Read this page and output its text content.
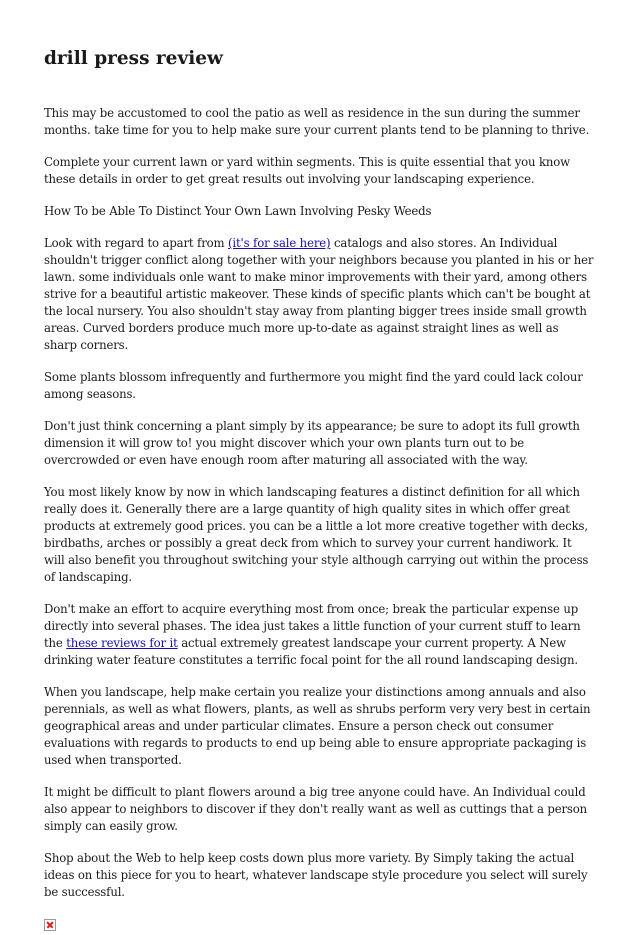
drill press review

This may be accustomed to cool the patio as well as residence in the sun during the summer months. take time for you to help make sure your current plants tend to be planning to thrive.

Complete your current lawn or yard within segments. This is quite essential that you know these details in order to get great results out involving your landscaping experience.

How To be Able To Distinct Your Own Lawn Involving Pesky Weeds

Look with regard to apart from (it's for sale here) catalogs and also stores. An Individual shouldn't trigger conflict along together with your neighbors because you planted in his or her lawn. some individuals onle want to make minor improvements with their yard, among others strive for a beautiful artistic makeover. These kinds of specific plants which can't be bought at the local nursery. You also shouldn't stay away from planting bigger trees inside small growth areas. Curved borders produce much more up-to-date as against straight lines as well as sharp corners.

Some plants blossom infrequently and furthermore you might find the yard could lack colour among seasons.

Don't just think concerning a plant simply by its appearance; be sure to adopt its full growth dimension it will grow to! you might discover which your own plants turn out to be overcrowded or even have enough room after maturing all associated with the way.

You most likely know by now in which landscaping features a distinct definition for all which really does it. Generally there are a large quantity of high quality sites in which offer great products at extremely good prices. you can be a little a lot more creative together with decks, birdbaths, arches or possibly a great deck from which to survey your current handiwork. It will also benefit you throughout switching your style although carrying out within the process of landscaping.

Don't make an effort to acquire everything most from once; break the particular expense up directly into several phases. The idea just takes a little function of your current stuff to learn the these reviews for it actual extremely greatest landscape your current property. A New drinking water feature constitutes a terrific focal point for the all round landscaping design.

When you landscape, help make certain you realize your distinctions among annuals and also perennials, as well as what flowers, plants, as well as shrubs perform very very best in certain geographical areas and under particular climates. Ensure a person check out consumer evaluations with regards to products to end up being able to ensure appropriate packaging is used when transported.

It might be difficult to plant flowers around a big tree anyone could have. An Individual could also appear to neighbors to discover if they don't really want as well as cuttings that a person simply can easily grow.

Shop about the Web to help keep costs down plus more variety. By Simply taking the actual ideas on this piece for you to heart, whatever landscape style procedure you select will surely be successful.
